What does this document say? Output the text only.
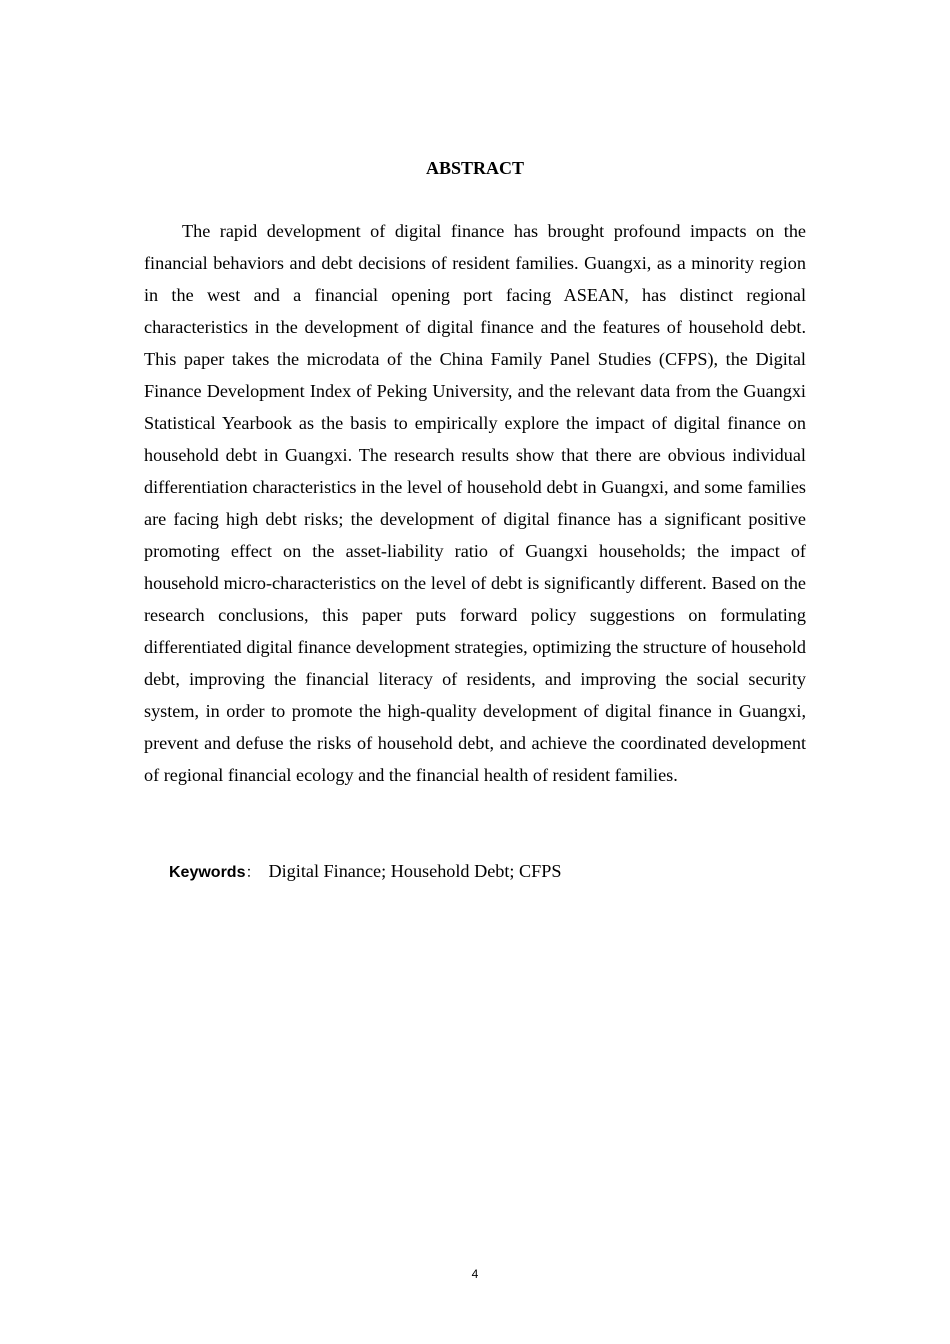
ABSTRACT

The rapid development of digital finance has brought profound impacts on the financial behaviors and debt decisions of resident families. Guangxi, as a minority region in the west and a financial opening port facing ASEAN, has distinct regional characteristics in the development of digital finance and the features of household debt. This paper takes the microdata of the China Family Panel Studies (CFPS), the Digital Finance Development Index of Peking University, and the relevant data from the Guangxi Statistical Yearbook as the basis to empirically explore the impact of digital finance on household debt in Guangxi. The research results show that there are obvious individual differentiation characteristics in the level of household debt in Guangxi, and some families are facing high debt risks; the development of digital finance has a significant positive promoting effect on the asset-liability ratio of Guangxi households; the impact of household micro-characteristics on the level of debt is significantly different. Based on the research conclusions, this paper puts forward policy suggestions on formulating differentiated digital finance development strategies, optimizing the structure of household debt, improving the financial literacy of residents, and improving the social security system, in order to promote the high-quality development of digital finance in Guangxi, prevent and defuse the risks of household debt, and achieve the coordinated development of regional financial ecology and the financial health of resident families.

Keywords： Digital Finance; Household Debt; CFPS
4
